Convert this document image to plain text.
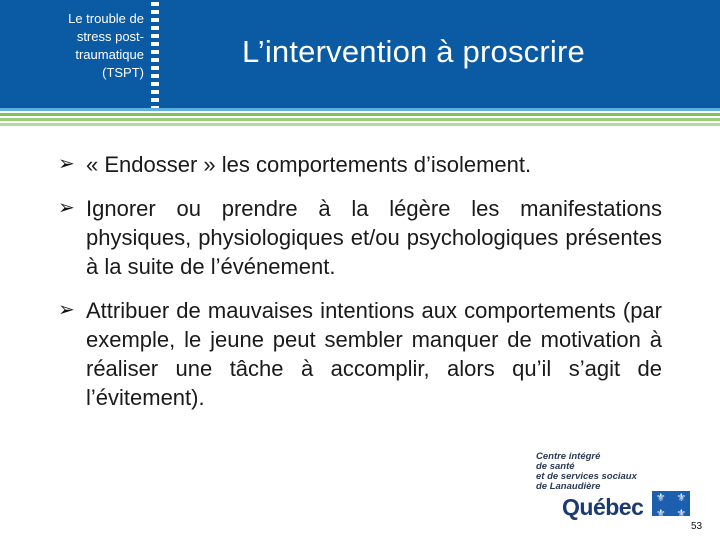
Le trouble de
stress post-
traumatique
(TSPT)
L’intervention à proscrire
➢ « Endosser » les comportements d’isolement.
➢ Ignorer ou prendre à la légère les manifestations physiques, physiologiques et/ou psychologiques présentes à la suite de l’événement.
➢ Attribuer de mauvaises intentions aux comportements (par exemple, le jeune peut sembler manquer de motivation à réaliser une tâche à accomplir, alors qu’il s’agit de l’évitement).
Centre intégré
de santé
et de services sociaux
de Lanaudière
Québec	⚜ ⚜
⚜ ⚜
53
